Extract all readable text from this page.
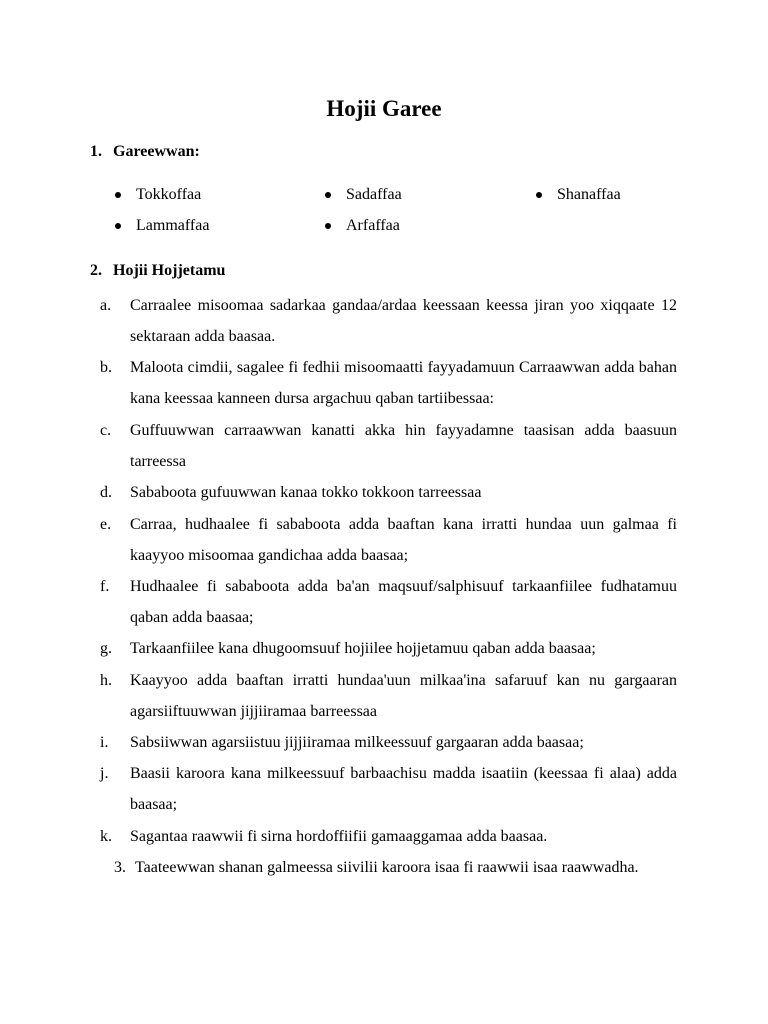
Hojii Garee
1. Gareewwan:
Tokkoffaa	Sadaffaa	Shanaffaa
Lammaffaa	Arfaffaa
2. Hojii Hojjetamu
a. Carraalee misoomaa sadarkaa gandaa/ardaa keessaan keessa jiran yoo xiqqaate 12 sektaraan adda baasaa.
b. Maloota cimdii, sagalee fi fedhii misoomaatti fayyadamuun Carraawwan adda bahan kana keessaa kanneen dursa argachuu qaban tartiibessaa:
c. Guffuuwwan carraawwan kanatti akka hin fayyadamne taasisan adda baasuun tarreessa
d. Sababoota gufuuwwan kanaa tokko tokkoon tarreessaa
e. Carraa, hudhaalee fi sababoota adda baaftan kana irratti hundaa uun galmaa fi kaayyoo misoomaa gandichaa adda baasaa;
f. Hudhaalee fi sababoota adda ba'an maqsuuf/salphisuuf tarkaanfiilee fudhatamuu qaban adda baasaa;
g. Tarkaanfiilee kana dhugoomsuuf hojiilee hojjetamuu qaban adda baasaa;
h. Kaayyoo adda baaftan irratti hundaa'uun milkaa'ina safaruuf kan nu gargaaran agarsiiftuuwwan jijjiiramaa barreessaa
i. Sabsiiwwan agarsiistuu jijjiiramaa milkeessuuf gargaaran adda baasaa;
j. Baasii karoora kana milkeessuuf barbaachisu madda isaatiin (keessaa fi alaa) adda baasaa;
k. Sagantaa raawwii fi sirna hordoffiifii gamaaggamaa adda baasaa.
3. Taateewwan shanan galmeessa siivilii karoora isaa fi raawwii isaa raawwadha.
